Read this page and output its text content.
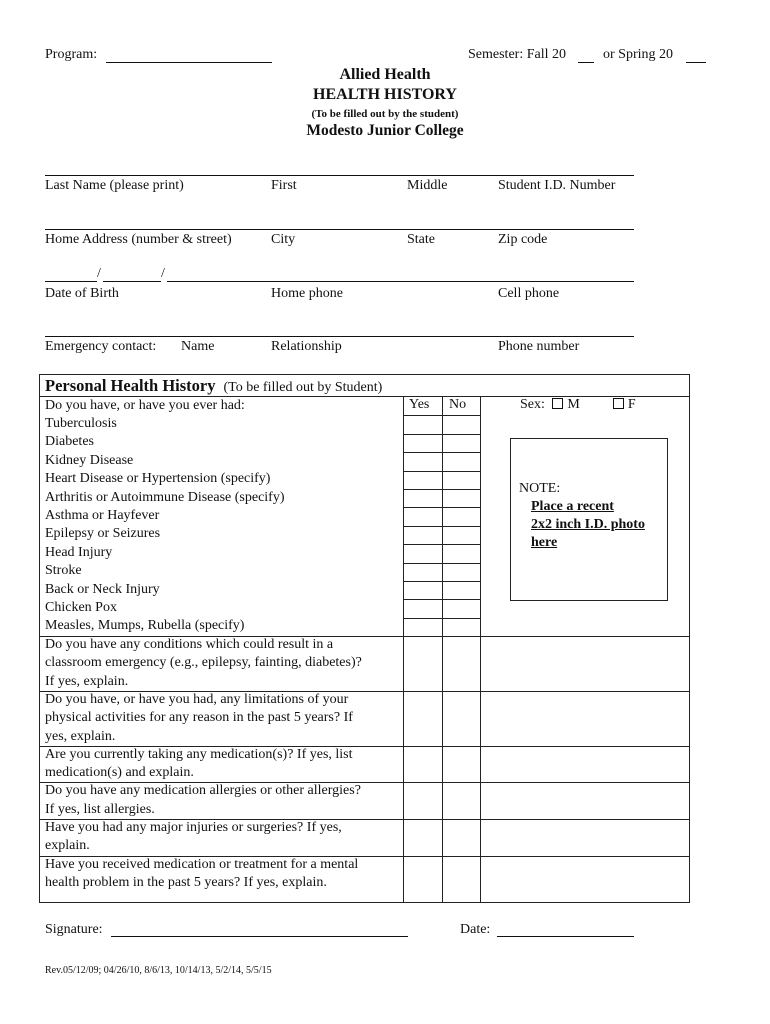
Program:	Semester: Fall 20	or Spring 20
Allied Health
HEALTH HISTORY
(To be filled out by the student)
Modesto Junior College
Last Name (please print)	First	Middle	Student I.D. Number
Home Address (number & street)	City	State	Zip code
/	/
Date of Birth	Home phone	Cell phone
Emergency contact: Name	Relationship	Phone number
Personal Health History (To be filled out by Student)
Do you have, or have you ever had:	Yes No	Sex: M	F
Tuberculosis
Diabetes
Kidney Disease
Heart Disease or Hypertension (specify)
Arthritis or Autoimmune Disease (specify)
Asthma or Hayfever
Epilepsy or Seizures
Head Injury
Stroke
Back or Neck Injury
Chicken Pox
Measles, Mumps, Rubella (specify)
NOTE:
Place a recent
2x2 inch I.D. photo
here
Do you have any conditions which could result in a
classroom emergency (e.g., epilepsy, fainting, diabetes)?
If yes, explain.
Do you have, or have you had, any limitations of your
physical activities for any reason in the past 5 years? If
yes, explain.
Are you currently taking any medication(s)? If yes, list
medication(s) and explain.
Do you have any medication allergies or other allergies?
If yes, list allergies.
Have you had any major injuries or surgeries? If yes,
explain.
Have you received medication or treatment for a mental
health problem in the past 5 years? If yes, explain.
Signature:	Date:
Rev.05/12/09; 04/26/10, 8/6/13, 10/14/13, 5/2/14, 5/5/15
